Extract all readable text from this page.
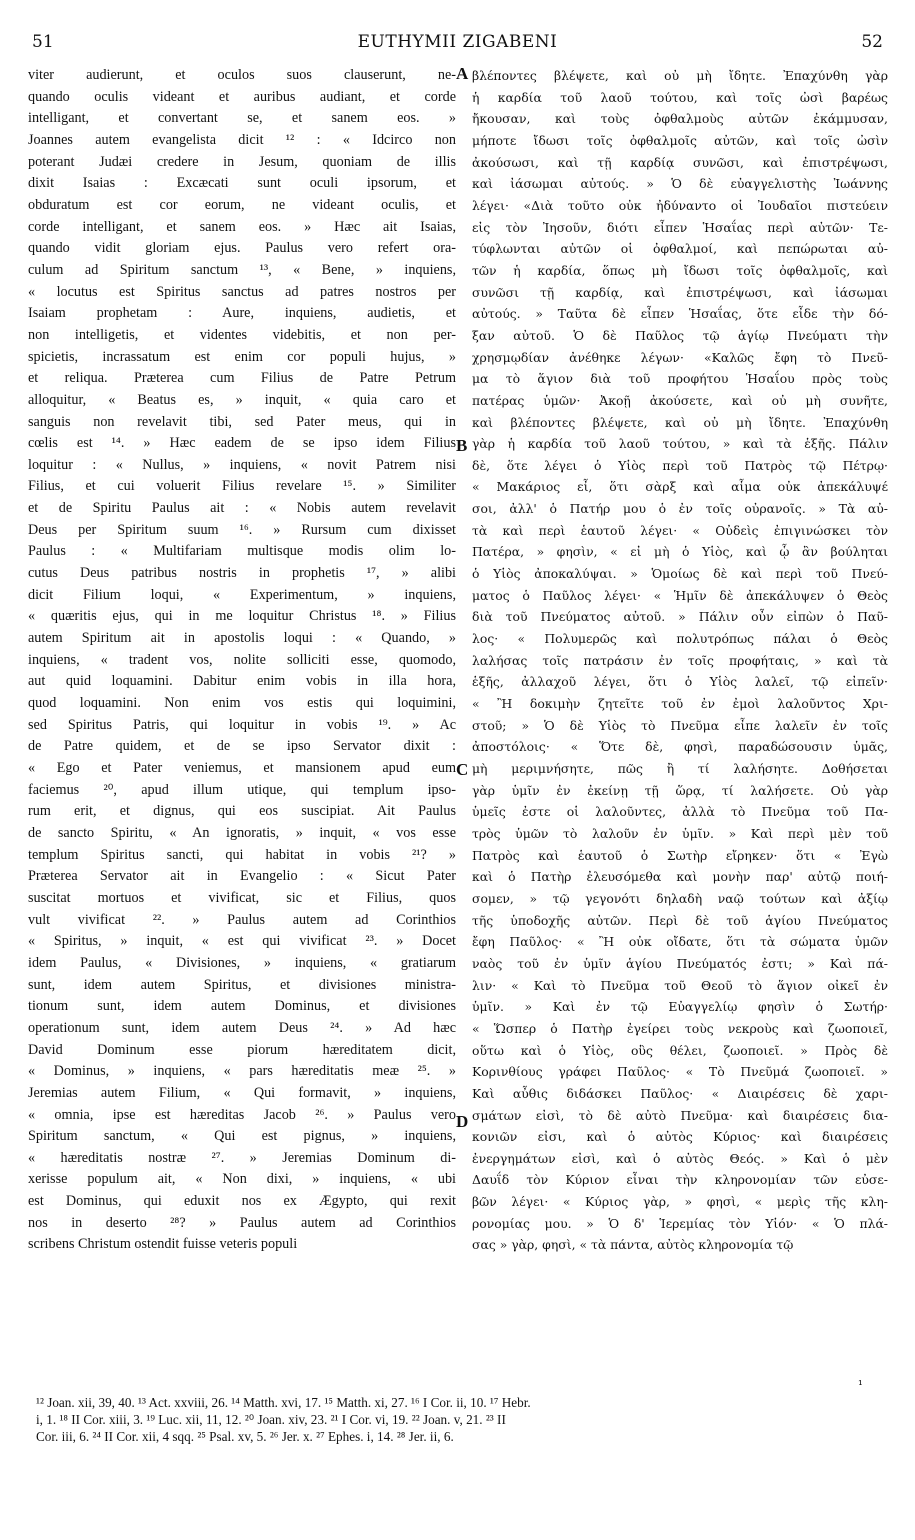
51	EUTHYMII ZIGABENI	52
viter audierunt, et oculos suos clauserunt, ne-
quando oculis videant et auribus audiant, et corde
intelligant, et convertant se, et sanem eos. »
Joannes autem evangelista dicit ¹² : « Idcirco non
poterant Judæi credere in Jesum, quoniam de illis
dixit Isaias : Excæcati sunt oculi ipsorum, et
obduratum est cor eorum, ne videant oculis, et
corde intelligant, et sanem eos. » Hæc ait Isaias,
quando vidit gloriam ejus. Paulus vero refert ora-
culum ad Spiritum sanctum ¹³, « Bene, » inquiens,
« locutus est Spiritus sanctus ad patres nostros per
Isaiam prophetam : Aure, inquiens, audietis, et
non intelligetis, et videntes videbitis, et non per-
spicietis, incrassatum est enim cor populi hujus, »
et reliqua. Præterea cum Filius de Patre Petrum
alloquitur, « Beatus es, » inquit, « quia caro et
sanguis non revelavit tibi, sed Pater meus, qui in
cœlis est ¹⁴. » Hæc eadem de se ipso idem Filius
loquitur : « Nullus, » inquiens, « novit Patrem nisi
Filius, et cui voluerit Filius revelare ¹⁵. » Similiter
et de Spiritu Paulus ait : « Nobis autem revelavit
Deus per Spiritum suum ¹⁶. » Rursum cum dixisset
Paulus : « Multifariam multisque modis olim lo-
cutus Deus patribus nostris in prophetis ¹⁷, » alibi
dicit Filium loqui, « Experimentum, » inquiens,
« quæritis ejus, qui in me loquitur Christus ¹⁸. » Filius
autem Spiritum ait in apostolis loqui : « Quando, »
inquiens, « tradent vos, nolite solliciti esse, quomodo,
aut quid loquamini. Dabitur enim vobis in illa hora,
quod loquamini. Non enim vos estis qui loquimini,
sed Spiritus Patris, qui loquitur in vobis ¹⁹. » Ac
de Patre quidem, et de se ipso Servator dixit :
« Ego et Pater veniemus, et mansionem apud eum
faciemus ²⁰, apud illum utique, qui templum ipso-
rum erit, et dignus, qui eos suscipiat. Ait Paulus
de sancto Spiritu, « An ignoratis, » inquit, « vos esse
templum Spiritus sancti, qui habitat in vobis ²¹? »
Præterea Servator ait in Evangelio : « Sicut Pater
suscitat mortuos et vivificat, sic et Filius, quos
vult vivificat ²². » Paulus autem ad Corinthios
« Spiritus, » inquit, « est qui vivificat ²³. » Docet
idem Paulus, « Divisiones, » inquiens, « gratiarum
sunt, idem autem Spiritus, et divisiones ministra-
tionum sunt, idem autem Dominus, et divisiones
operationum sunt, idem autem Deus ²⁴. » Ad hæc
David Dominum esse piorum hæreditatem dicit,
« Dominus, » inquiens, « pars hæreditatis meæ ²⁵. »
Jeremias autem Filium, « Qui formavit, » inquiens,
« omnia, ipse est hæreditas Jacob ²⁶. » Paulus vero
Spiritum sanctum, « Qui est pignus, » inquiens,
« hæreditatis nostræ ²⁷. » Jeremias Dominum di-
xerisse populum ait, « Non dixi, » inquiens, « ubi
est Dominus, qui eduxit nos ex Ægypto, qui rexit
nos in deserto ²⁸? » Paulus autem ad Corinthios
scribens Christum ostendit fuisse veteris populi
βλέποντες βλέψετε, καὶ οὐ μὴ ἴδητε. Ἐπαχύνθη γὰρ
ἡ καρδία τοῦ λαοῦ τούτου, καὶ τοῖς ὠσὶ βαρέως
ἤκουσαν, καὶ τοὺς ὀφθαλμοὺς αὐτῶν ἐκάμμυσαν,
μήποτε ἴδωσι τοῖς ὀφθαλμοῖς αὐτῶν, καὶ τοῖς ὠσὶν
ἀκούσωσι, καὶ τῇ καρδίᾳ συνῶσι, καὶ ἐπιστρέψωσι,
καὶ ἰάσωμαι αὐτούς. » Ὁ δὲ εὐαγγελιστὴς Ἰωάννης
λέγει· «Διὰ τοῦτο οὐκ ἠδύναντο οἱ Ἰουδαῖοι πιστεύειν
εἰς τὸν Ἰησοῦν, διότι εἶπεν Ἡσαΐας περὶ αὐτῶν· Τε-
τύφλωνται αὐτῶν οἱ ὀφθαλμοί, καὶ πεπώρωται αὐ-
τῶν ἡ καρδία, ὅπως μὴ ἴδωσι τοῖς ὀφθαλμοῖς, καὶ
συνῶσι τῇ καρδίᾳ, καὶ ἐπιστρέψωσι, καὶ ἰάσωμαι
αὐτούς. » Ταῦτα δὲ εἶπεν Ἡσαΐας, ὅτε εἶδε τὴν δό-
ξαν αὐτοῦ. Ὁ δὲ Παῦλος τῷ ἁγίῳ Πνεύματι τὴν
χρησμῳδίαν ἀνέθηκε λέγων· «Καλῶς ἔφη τὸ Πνεῦ-
μα τὸ ἅγιον διὰ τοῦ προφήτου Ἡσαΐου πρὸς τοὺς
πατέρας ὑμῶν· Ἀκοῇ ἀκούσετε, καὶ οὐ μὴ συνῆτε,
καὶ βλέποντες βλέψετε, καὶ οὐ μὴ ἴδητε. Ἐπαχύνθη
γὰρ ἡ καρδία τοῦ λαοῦ τούτου, » καὶ τὰ ἑξῆς. Πάλιν
δὲ, ὅτε λέγει ὁ Υἱὸς περὶ τοῦ Πατρὸς τῷ Πέτρῳ·
« Μακάριος εἶ, ὅτι σὰρξ καὶ αἷμα οὐκ ἀπεκάλυψέ
σοι, ἀλλ' ὁ Πατήρ μου ὁ ἐν τοῖς οὐρανοῖς. » Τὰ αὐ-
τὰ καὶ περὶ ἑαυτοῦ λέγει· « Οὐδεὶς ἐπιγινώσκει τὸν
Πατέρα, » φησὶν, « εἰ μὴ ὁ Υἱὸς, καὶ ᾧ ἂν βούληται
ὁ Υἱὸς ἀποκαλύψαι. » Ὁμοίως δὲ καὶ περὶ τοῦ Πνεύ-
ματος ὁ Παῦλος λέγει· « Ἡμῖν δὲ ἀπεκάλυψεν ὁ Θεὸς
διὰ τοῦ Πνεύματος αὐτοῦ. » Πάλιν οὖν εἰπὼν ὁ Παῦ-
λος· « Πολυμερῶς καὶ πολυτρόπως πάλαι ὁ Θεὸς
λαλήσας τοῖς πατράσιν ἐν τοῖς προφήταις, » καὶ τὰ
ἑξῆς, ἀλλαχοῦ λέγει, ὅτι ὁ Υἱὸς λαλεῖ, τῷ εἰπεῖν·
« Ἢ δοκιμὴν ζητεῖτε τοῦ ἐν ἐμοὶ λαλοῦντος Χρι-
στοῦ; » Ὁ δὲ Υἱὸς τὸ Πνεῦμα εἶπε λαλεῖν ἐν τοῖς
ἀποστόλοις· « Ὅτε δὲ, φησὶ, παραδώσουσιν ὑμᾶς,
μὴ μεριμνήσητε, πῶς ἢ τί λαλήσητε. Δοθήσεται
γὰρ ὑμῖν ἐν ἐκείνῃ τῇ ὥρᾳ, τί λαλήσετε. Οὐ γὰρ
ὑμεῖς ἐστε οἱ λαλοῦντες, ἀλλὰ τὸ Πνεῦμα τοῦ Πα-
τρὸς ὑμῶν τὸ λαλοῦν ἐν ὑμῖν. » Καὶ περὶ μὲν τοῦ
Πατρὸς καὶ ἑαυτοῦ ὁ Σωτὴρ εἴρηκεν· ὅτι « Ἐγὼ
καὶ ὁ Πατὴρ ἐλευσόμεθα καὶ μονὴν παρ' αὐτῷ ποιή-
σομεν, » τῷ γεγονότι δηλαδὴ ναῷ τούτων καὶ ἀξίῳ
τῆς ὑποδοχῆς αὐτῶν. Περὶ δὲ τοῦ ἁγίου Πνεύματος
ἔφη Παῦλος· « Ἢ οὐκ οἴδατε, ὅτι τὰ σώματα ὑμῶν
ναὸς τοῦ ἐν ὑμῖν ἁγίου Πνεύματός ἐστι; » Καὶ πά-
λιν· « Καὶ τὸ Πνεῦμα τοῦ Θεοῦ τὸ ἅγιον οἰκεῖ ἐν
ὑμῖν. » Καὶ ἐν τῷ Εὐαγγελίῳ φησὶν ὁ Σωτήρ·
« Ὥσπερ ὁ Πατὴρ ἐγείρει τοὺς νεκροὺς καὶ ζωοποιεῖ,
οὕτω καὶ ὁ Υἱὸς, οὓς θέλει, ζωοποιεῖ. » Πρὸς δὲ
Κορινθίους γράφει Παῦλος· « Τὸ Πνεῦμά ζωοποιεῖ. »
Καὶ αὖθις διδάσκει Παῦλος· « Διαιρέσεις δὲ χαρι-
σμάτων εἰσὶ, τὸ δὲ αὐτὸ Πνεῦμα· καὶ διαιρέσεις δια-
κονιῶν εἰσι, καὶ ὁ αὐτὸς Κύριος· καὶ διαιρέσεις
ἐνεργημάτων εἰσὶ, καὶ ὁ αὐτὸς Θεός. » Καὶ ὁ μὲν
Δαυΐδ τὸν Κύριον εἶναι τὴν κληρονομίαν τῶν εὐσε-
βῶν λέγει· « Κύριος γὰρ, » φησὶ, « μερὶς τῆς κλη-
ρονομίας μου. » Ὁ δ' Ἱερεμίας τὸν Υἱόν· « Ὁ πλά-
σας » γὰρ, φησὶ, « τὰ πάντα, αὐτὸς κληρονομία τῷ
A
B
C
D
¹
¹² Joan. xii, 39, 40. ¹³ Act. xxviii, 26. ¹⁴ Matth. xvi, 17. ¹⁵ Matth. xi, 27. ¹⁶ I Cor. ii, 10. ¹⁷ Hebr.
i, 1. ¹⁸ II Cor. xiii, 3. ¹⁹ Luc. xii, 11, 12. ²⁰ Joan. xiv, 23. ²¹ I Cor. vi, 19. ²² Joan. v, 21. ²³ II
Cor. iii, 6. ²⁴ II Cor. xii, 4 sqq. ²⁵ Psal. xv, 5. ²⁶ Jer. x. ²⁷ Ephes. i, 14. ²⁸ Jer. ii, 6.
